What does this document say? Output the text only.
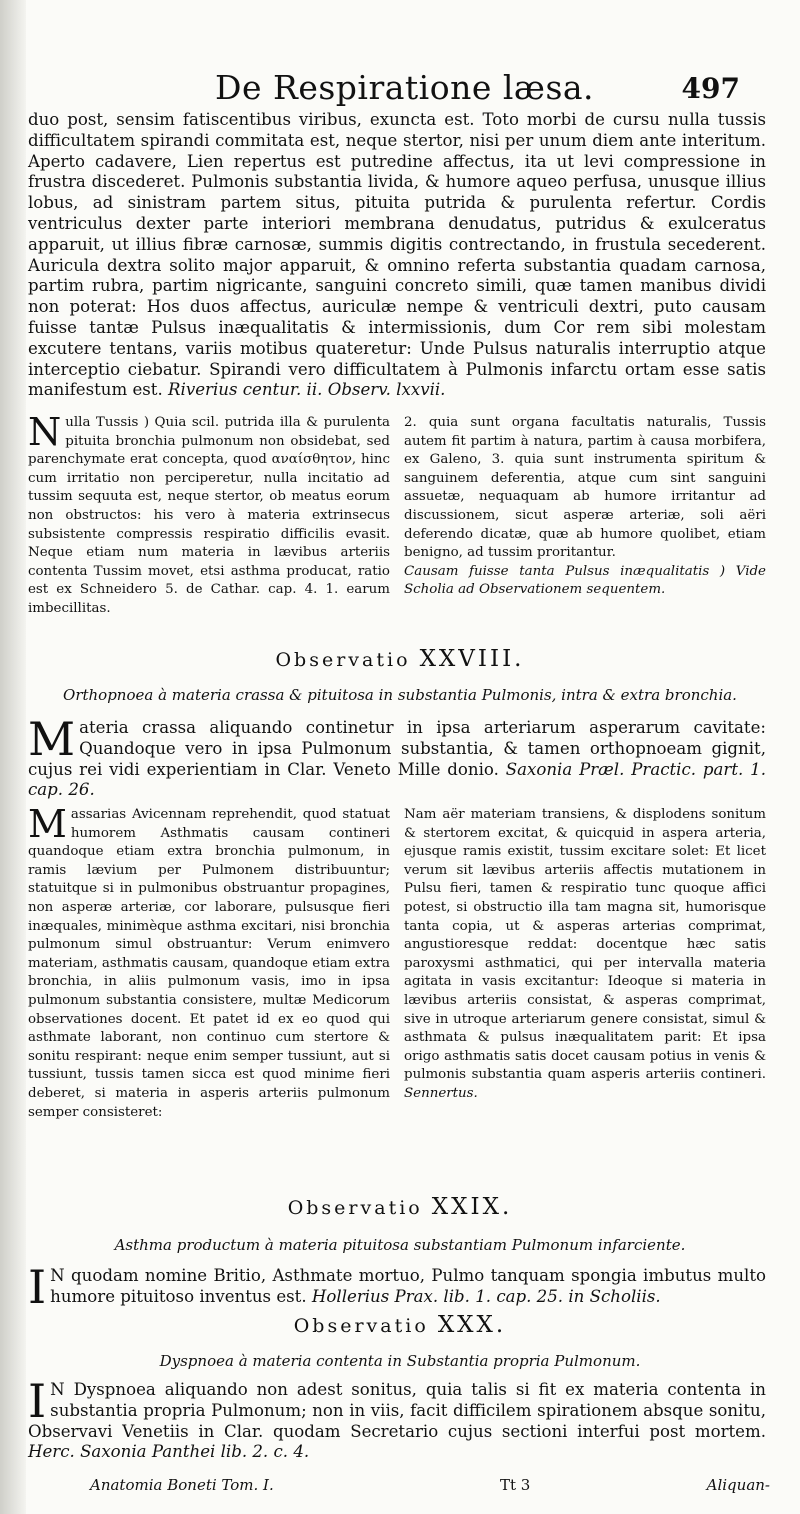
De Respiratione læsa.	497
duo post, sensim fatiscentibus viribus, exuncta est. Toto morbi de cursu nulla tussis difficultatem spirandi commitata est, neque stertor, nisi per unum diem ante interitum. Aperto cadavere, Lien repertus est putredine affectus, ita ut levi compressione in frustra discederet. Pulmonis substantia livida, & humore aqueo perfusa, unusque illius lobus, ad sinistram partem situs, pituita putrida & purulenta refertur. Cordis ventriculus dexter parte interiori membrana denudatus, putridus & exulceratus apparuit, ut illius fibræ carnosæ, summis digitis contrectando, in frustula secederent. Auricula dextra solito major apparuit, & omnino referta substantia quadam carnosa, partim rubra, partim nigricante, sanguini concreto simili, quæ tamen manibus dividi non poterat: Hos duos affectus, auriculæ nempe & ventriculi dextri, puto causam fuisse tantæ Pulsus inæqualitatis & intermissionis, dum Cor rem sibi molestam excutere tentans, variis motibus quateretur: Unde Pulsus naturalis interruptio atque interceptio ciebatur. Spirandi vero difficultatem à Pulmonis infarctu ortam esse satis manifestum est. Riverius centur. ii. Observ. lxxvii.
N ulla Tussis ) Quia scil. putrida illa & purulenta pituita bronchia pulmonum non obsidebat, sed parenchymate erat concepta, quod αναίσθητον, hinc cum irritatio non perciperetur, nulla incitatio ad tussim sequuta est, neque stertor, ob meatus eorum non obstructos: his vero à materia extrinsecus subsistente compressis respiratio difficilis evasit. Neque etiam num materia in lævibus arteriis contenta Tussim movet, etsi asthma producat, ratio est ex Schneidero 5. de Cathar. cap. 4. 1. earum imbecillitas.
2. quia sunt organa facultatis naturalis, Tussis autem fit partim à natura, partim à causa morbifera, ex Galeno, 3. quia sunt instrumenta spiritum & sanguinem deferentia, atque cum sint sanguini assuetæ, nequaquam ab humore irritantur ad discussionem, sicut asperæ arteriæ, soli aëri deferendo dicatæ, quæ ab humore quolibet, etiam benigno, ad tussim proritantur.
Causam fuisse tanta Pulsus inæqualitatis ) Vide Scholia ad Observationem sequentem.
Observatio XXVIII.
Orthopnoea à materia crassa & pituitosa in substantia Pulmonis, intra & extra bronchia.
M ateria crassa aliquando continetur in ipsa arteriarum asperarum cavitate: Quandoque vero in ipsa Pulmonum substantia, & tamen orthopnoeam gignit, cujus rei vidi experientiam in Clar. Veneto Mille donio. Saxonia Præl. Practic. part. 1. cap. 26.
M assarias Avicennam reprehendit, quod statuat humorem Asthmatis causam contineri quandoque etiam extra bronchia pulmonum, in ramis lævium per Pulmonem distribuuntur; statuitque si in pulmonibus obstruantur propagines, non asperæ arteriæ, cor laborare, pulsusque fieri inæquales, minimèque asthma excitari, nisi bronchia pulmonum simul obstruantur: Verum enimvero materiam, asthmatis causam, quandoque etiam extra bronchia, in aliis pulmonum vasis, imo in ipsa pulmonum substantia consistere, multæ Medicorum observationes docent. Et patet id ex eo quod qui asthmate laborant, non continuo cum stertore & sonitu respirant: neque enim semper tussiunt, aut si tussiunt, tussis tamen sicca est quod minime fieri deberet, si materia in asperis arteriis pulmonum semper consisteret:
Nam aër materiam transiens, & displodens sonitum & stertorem excitat, & quicquid in aspera arteria, ejusque ramis existit, tussim excitare solet: Et licet verum sit lævibus arteriis affectis mutationem in Pulsu fieri, tamen & respiratio tunc quoque affici potest, si obstructio illa tam magna sit, humorisque tanta copia, ut & asperas arterias comprimat, angustioresque reddat: docentque hæc satis paroxysmi asthmatici, qui per intervalla materia agitata in vasis excitantur: Ideoque si materia in lævibus arteriis consistat, & asperas comprimat, sive in utroque arteriarum genere consistat, simul & asthmata & pulsus inæqualitatem parit: Et ipsa origo asthmatis satis docet causam potius in venis & pulmonis substantia quam asperis arteriis contineri. Sennertus.
Observatio XXIX.
Asthma productum à materia pituitosa substantiam Pulmonum infarciente.
I N quodam nomine Britio, Asthmate mortuo, Pulmo tanquam spongia imbutus multo humore pituitoso inventus est. Hollerius Prax. lib. 1. cap. 25. in Scholiis.
Observatio XXX.
Dyspnoea à materia contenta in Substantia propria Pulmonum.
I N Dyspnoea aliquando non adest sonitus, quia talis si fit ex materia contenta in substantia propria Pulmonum; non in viis, facit difficilem spirationem absque sonitu, Observavi Venetiis in Clar. quodam Secretario cujus sectioni interfui post mortem. Herc. Saxonia Panthei lib. 2. c. 4.
Anatomia Boneti Tom. I.	Tt 3	Aliquan-
